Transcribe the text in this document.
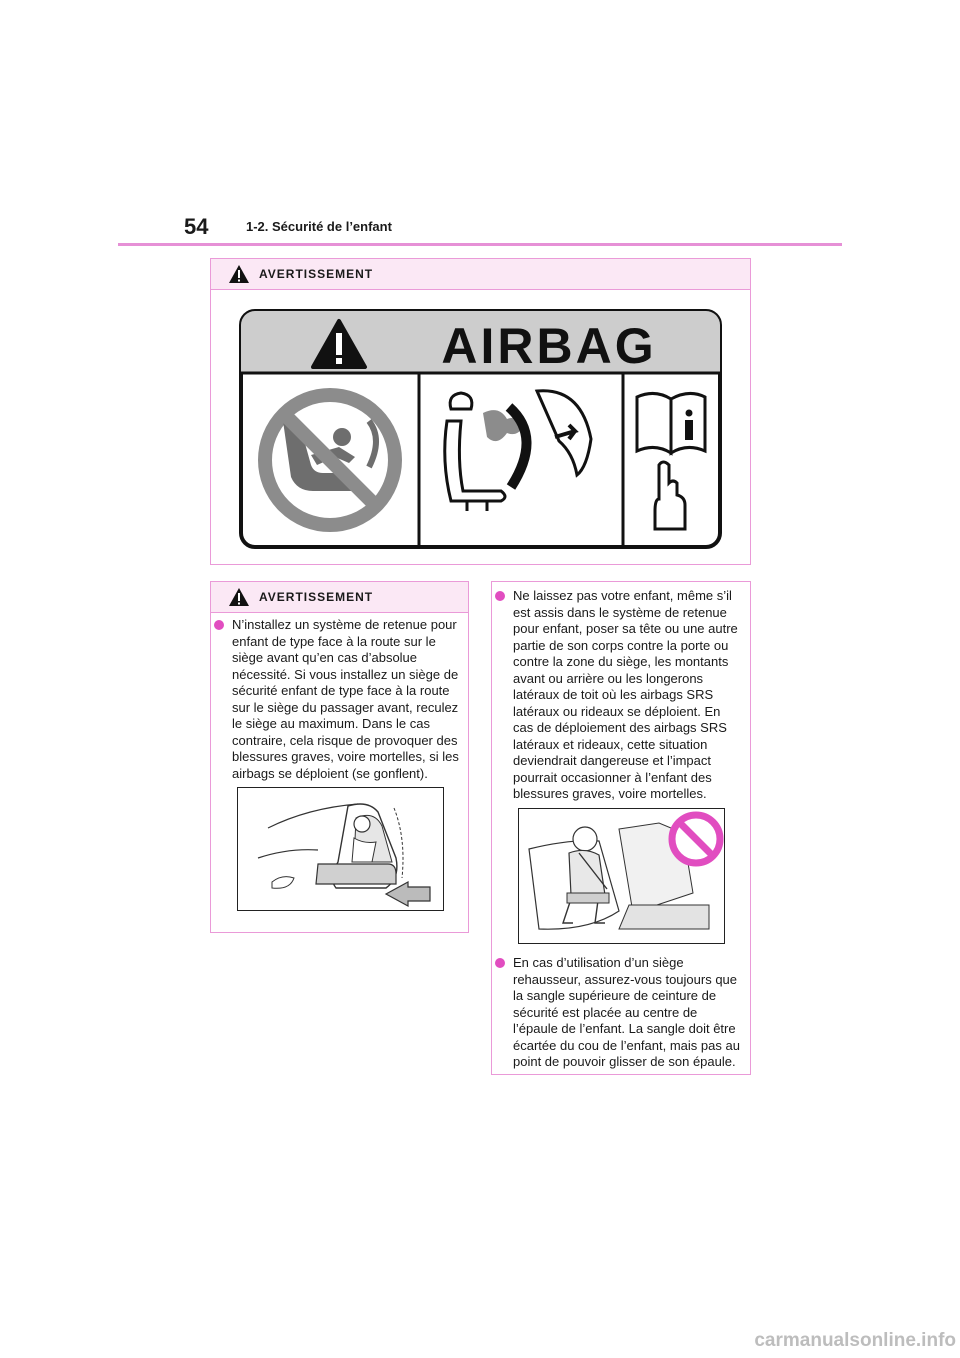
54	1-2. Sécurité de l’enfant
AVERTISSEMENT
AIRBAG
AVERTISSEMENT
N’installez un système de retenue pour enfant de type face à la route sur le siège avant qu’en cas d’absolue nécessité. Si vous installez un siège de sécurité enfant de type face à la route sur le siège du passager avant, reculez le siège au maximum. Dans le cas contraire, cela risque de provoquer des blessures graves, voire mortelles, si les airbags se déploient (se gonflent).
Ne laissez pas votre enfant, même s’il est assis dans le système de retenue pour enfant, poser sa tête ou une autre partie de son corps contre la porte ou contre la zone du siège, les montants avant ou arrière ou les longerons latéraux de toit où les airbags SRS latéraux ou rideaux se déploient. En cas de déploiement des airbags SRS latéraux et rideaux, cette situation deviendrait dangereuse et l’impact pourrait occasionner à l’enfant des blessures graves, voire mortelles.
En cas d’utilisation d’un siège rehausseur, assurez-vous toujours que la sangle supérieure de ceinture de sécurité est placée au centre de l’épaule de l’enfant. La sangle doit être écartée du cou de l’enfant, mais pas au point de pouvoir glisser de son épaule.
carmanualsonline.info
